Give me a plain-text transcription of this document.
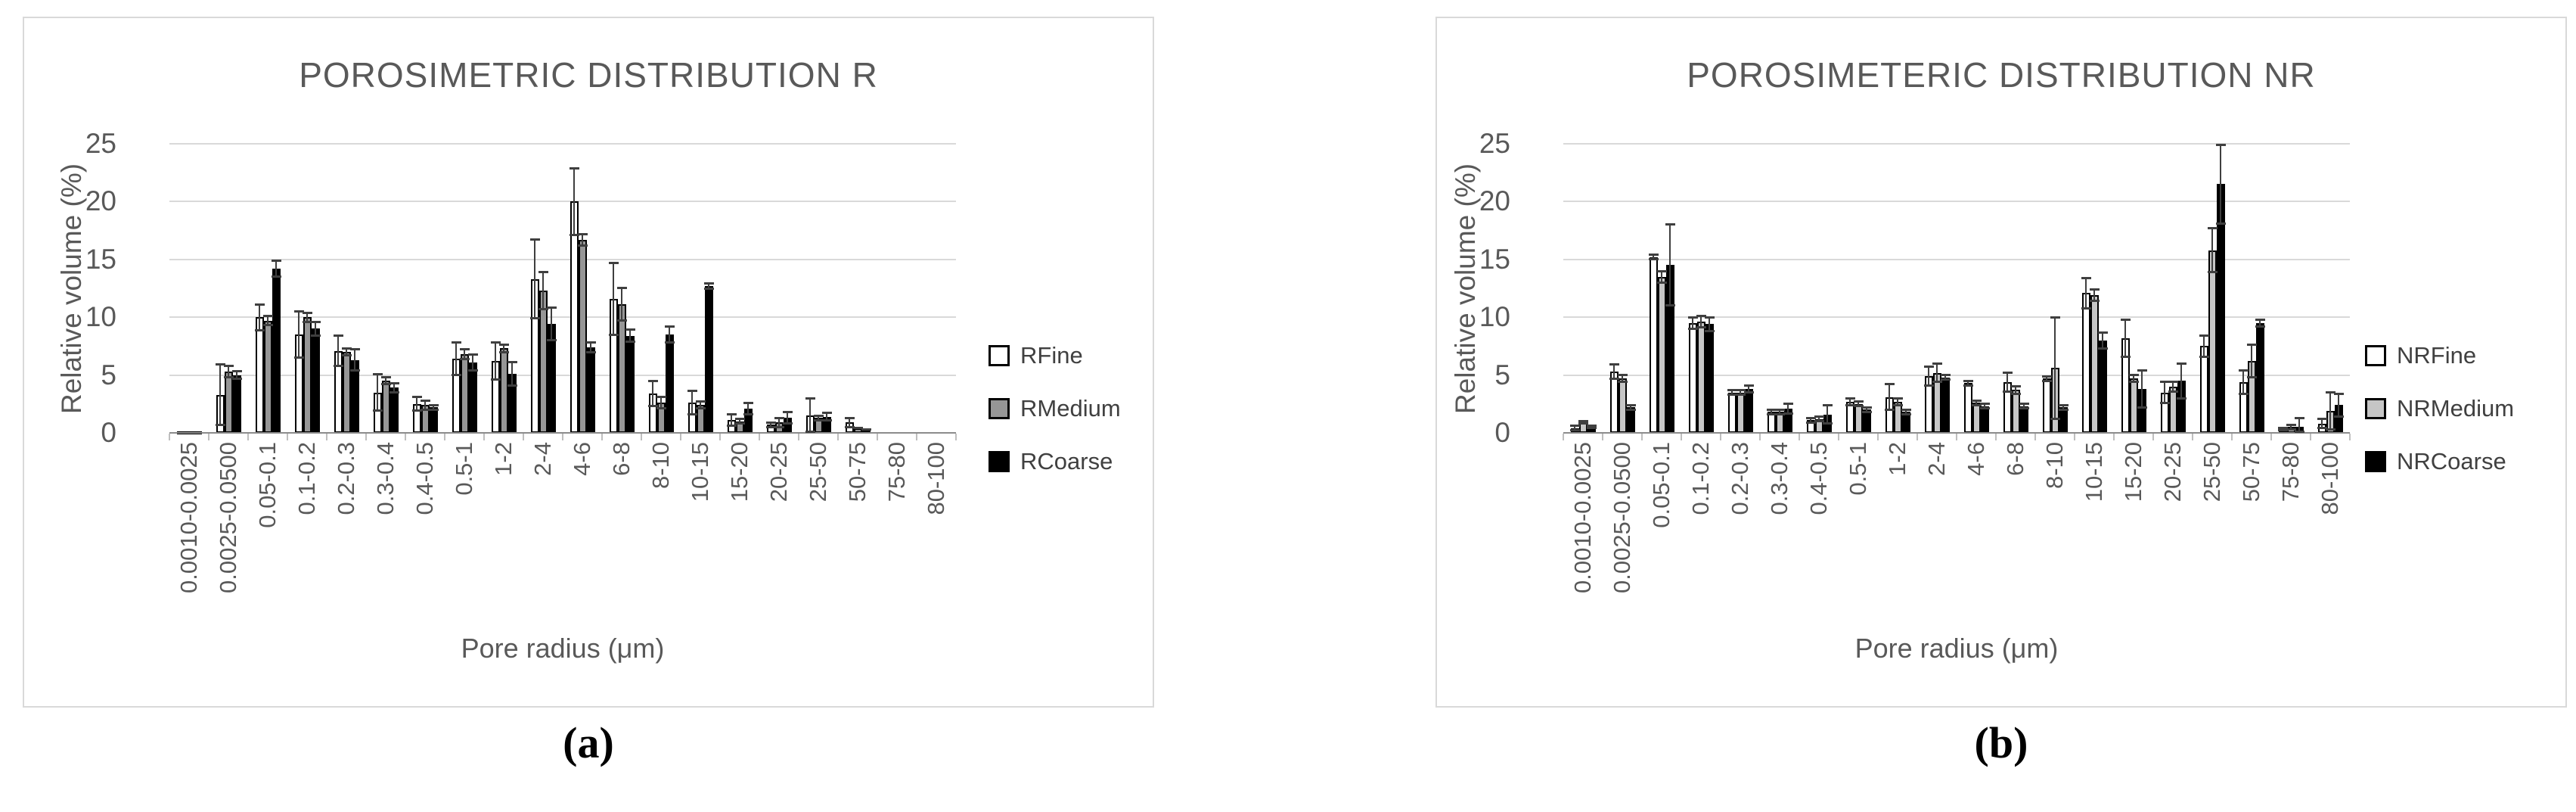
POROSIMETRIC DISTRIBUTION R
Relative volume (%)
0
5
10
15
20
25
0.0010-0.0025 0.0025-0.0500 0.05-0.1 0.1-0.2 0.2-0.3 0.3-0.4 0.4-0.5 0.5-1 1-2 2-4 4-6 6-8 8-10 10-15 15-20 20-25 25-50 50-75 75-80 80-100
Pore radius (μm)
RFine
RMedium
RCoarse
POROSIMETERIC DISTRIBUTION NR
Relative volume (%)
0
5
10
15
20
25
0.0010-0.0025 0.0025-0.0500 0.05-0.1 0.1-0.2 0.2-0.3 0.3-0.4 0.4-0.5 0.5-1 1-2 2-4 4-6 6-8 8-10 10-15 15-20 20-25 25-50 50-75 75-80 80-100
Pore radius (μm)
NRFine
NRMedium
NRCoarse
(a)	(b)
